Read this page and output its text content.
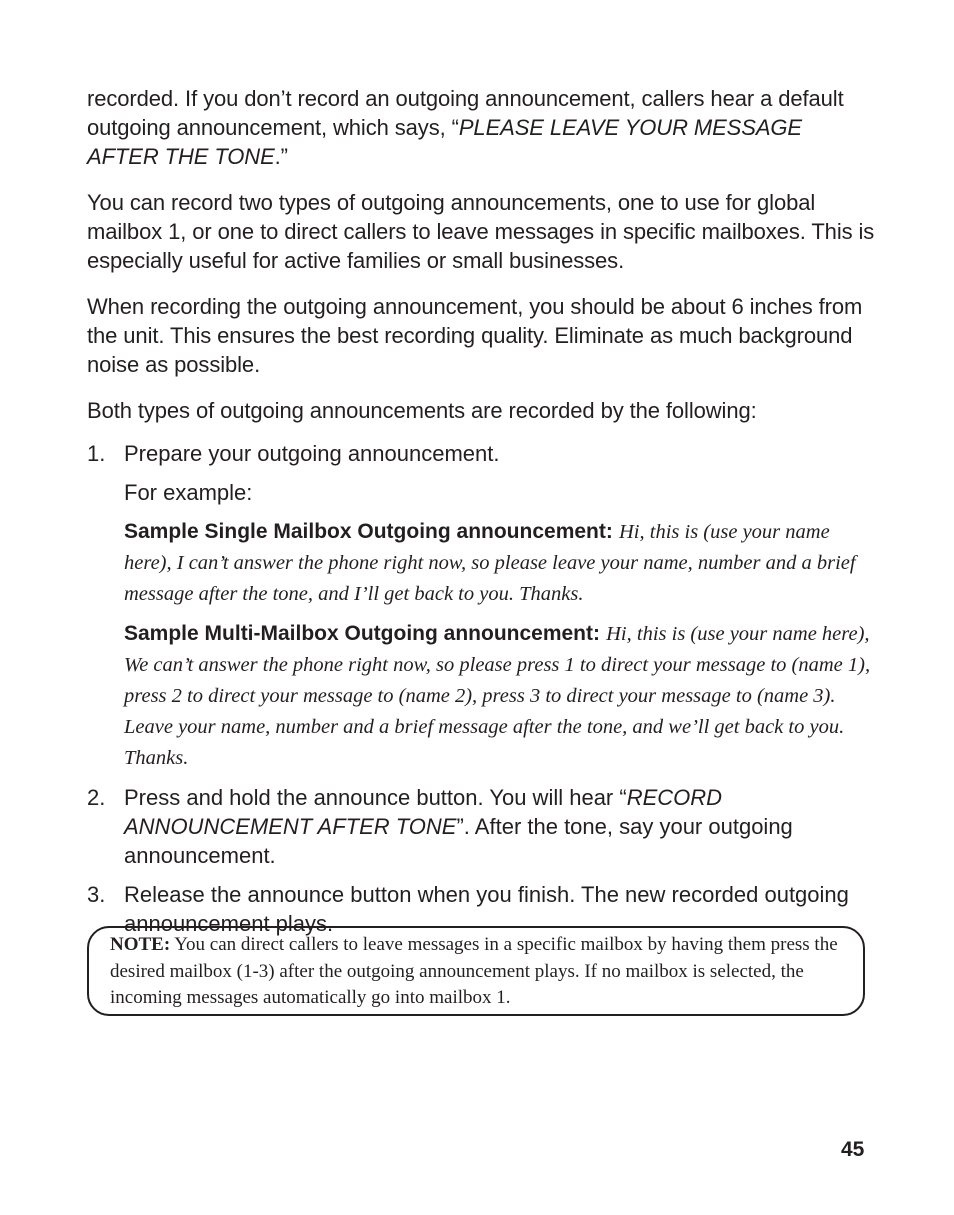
recorded. If you don’t record an outgoing announcement, callers hear a default outgoing announcement, which says, “PLEASE LEAVE YOUR MESSAGE AFTER THE TONE.”

You can record two types of outgoing announcements, one to use for global mailbox 1, or one to direct callers to leave messages in specific mailboxes. This is especially useful for active families or small businesses.

When recording the outgoing announcement, you should be about 6 inches from the unit. This ensures the best recording quality. Eliminate as much background noise as possible.

Both types of outgoing announcements are recorded by the following:

1. Prepare your outgoing announcement.
For example:
Sample Single Mailbox Outgoing announcement: Hi, this is (use your name here), I can’t answer the phone right now, so please leave your name, number and a brief message after the tone, and I’ll get back to you. Thanks.
Sample Multi-Mailbox Outgoing announcement: Hi, this is (use your name here), We can’t answer the phone right now, so please press 1 to direct your message to (name 1), press 2 to direct your message to (name 2), press 3 to direct your message to (name 3). Leave your name, number and a brief message after the tone, and we’ll get back to you. Thanks.
2. Press and hold the announce button. You will hear “RECORD ANNOUNCEMENT AFTER TONE”. After the tone, say your outgoing announcement.
3. Release the announce button when you finish. The new recorded outgoing announcement plays.
NOTE: You can direct callers to leave messages in a specific mailbox by having them press the desired mailbox (1-3) after the outgoing announcement plays. If no mailbox is selected, the incoming messages automatically go into mailbox 1.
45
